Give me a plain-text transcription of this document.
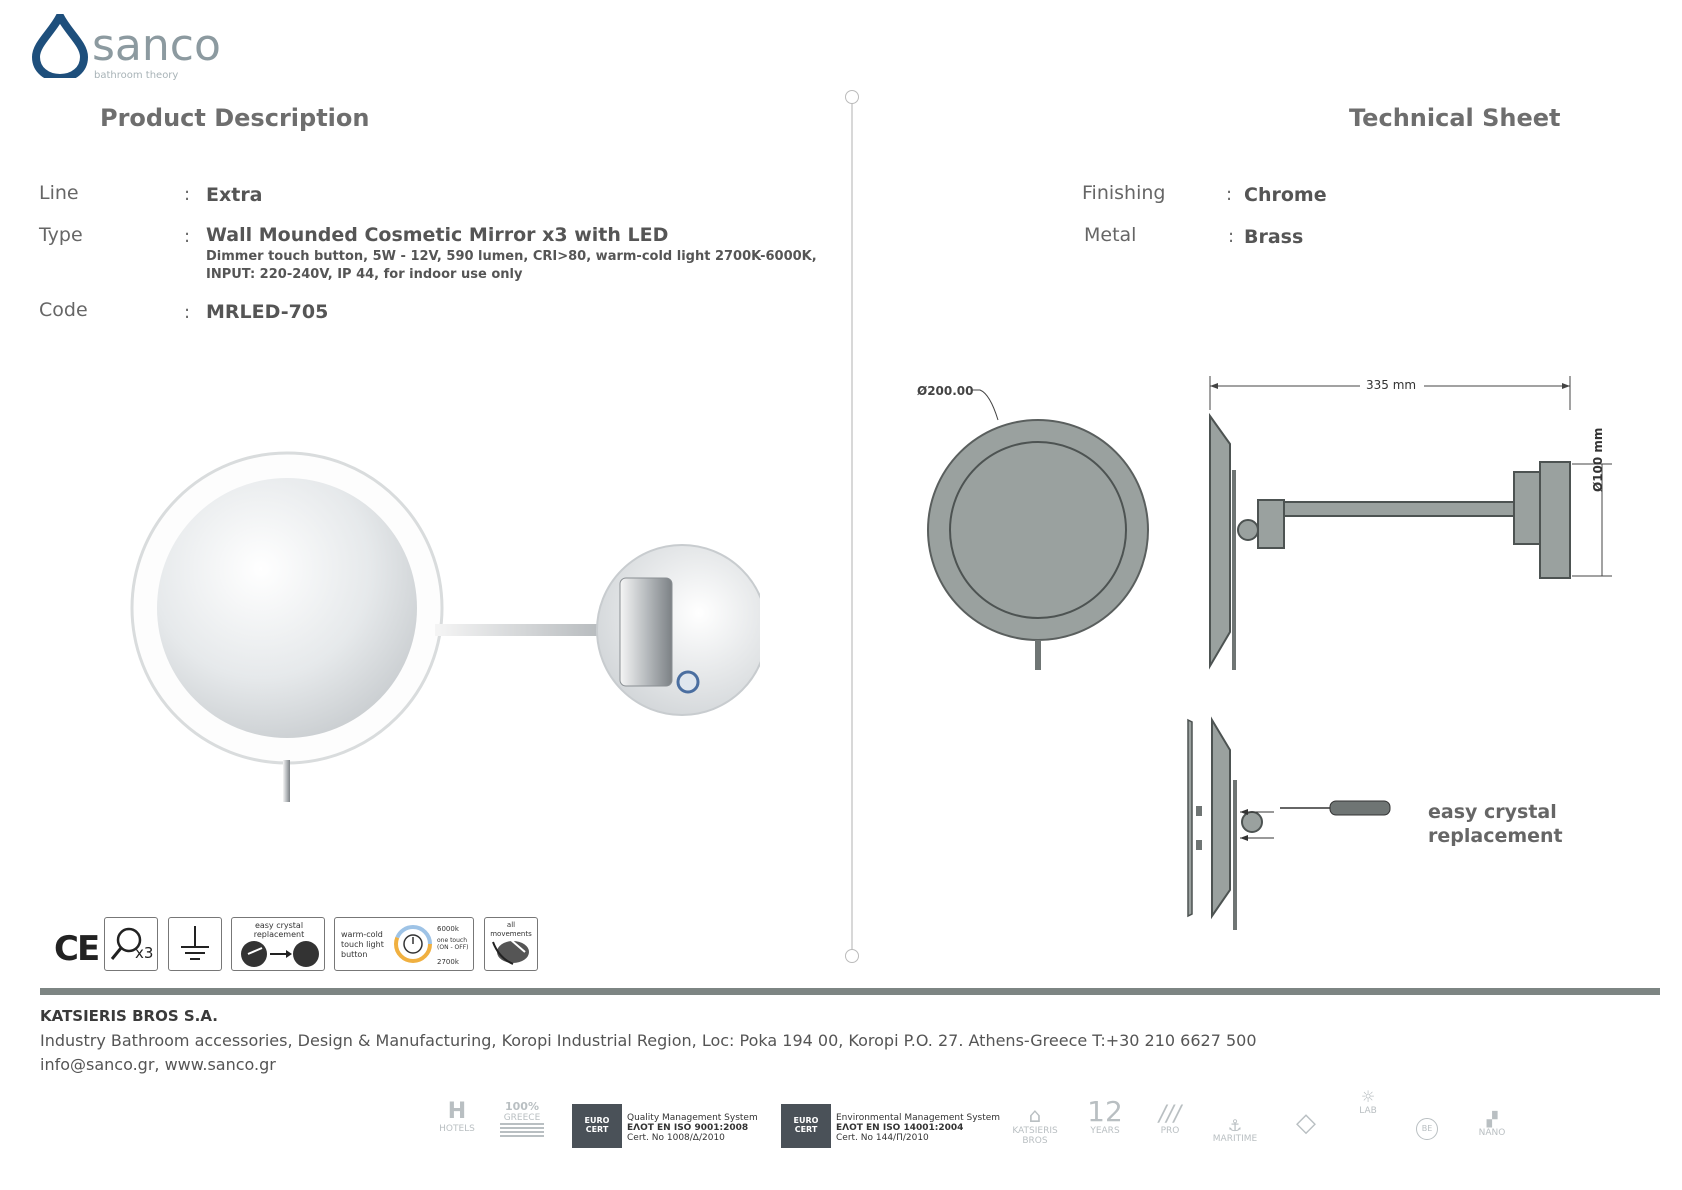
sanco
bathroom theory
Product Description	Technical Sheet
Line	: Extra
Type	: Wall Mounded Cosmetic Mirror x3 with LED
Dimmer touch button, 5W - 12V, 590 lumen, CRI>80, warm-cold light 2700K-6000K,
INPUT: 220-240V, IP 44, for indoor use only
Code	: MRLED-705
Finishing	: Chrome
Metal	: Brass
CE x3
easy crystal replacement	warm-cold
touch light
button
6000k
one touch (ON - OFF)
2700k
all movements
Ø200.00	335 mm
Ø100 mm
easy crystal
replacement
KATSIERIS BROS S.A.
Industry Bathroom accessories, Design & Manufacturing, Koropi Industrial Region, Loc: Poka 194 00, Koropi P.O. 27. Athens-Greece T:+30 210 6627 500
info@sanco.gr, www.sanco.gr
H
HOTELS
100%
GREECE	EURO CERT
Quality Management System
ΕΛΟΤ EN ISO 9001:2008
Cert. No 1008/Δ/2010
EURO CERT
Environmental Management System
ΕΛΟΤ EN ISO 14001:2004
Cert. No 144/Π/2010
⌂
KATSIERIS BROS
12
YEARS
///
PRO	⚓
MARITIME
◇
☼
LAB
BE
▞
NANO
